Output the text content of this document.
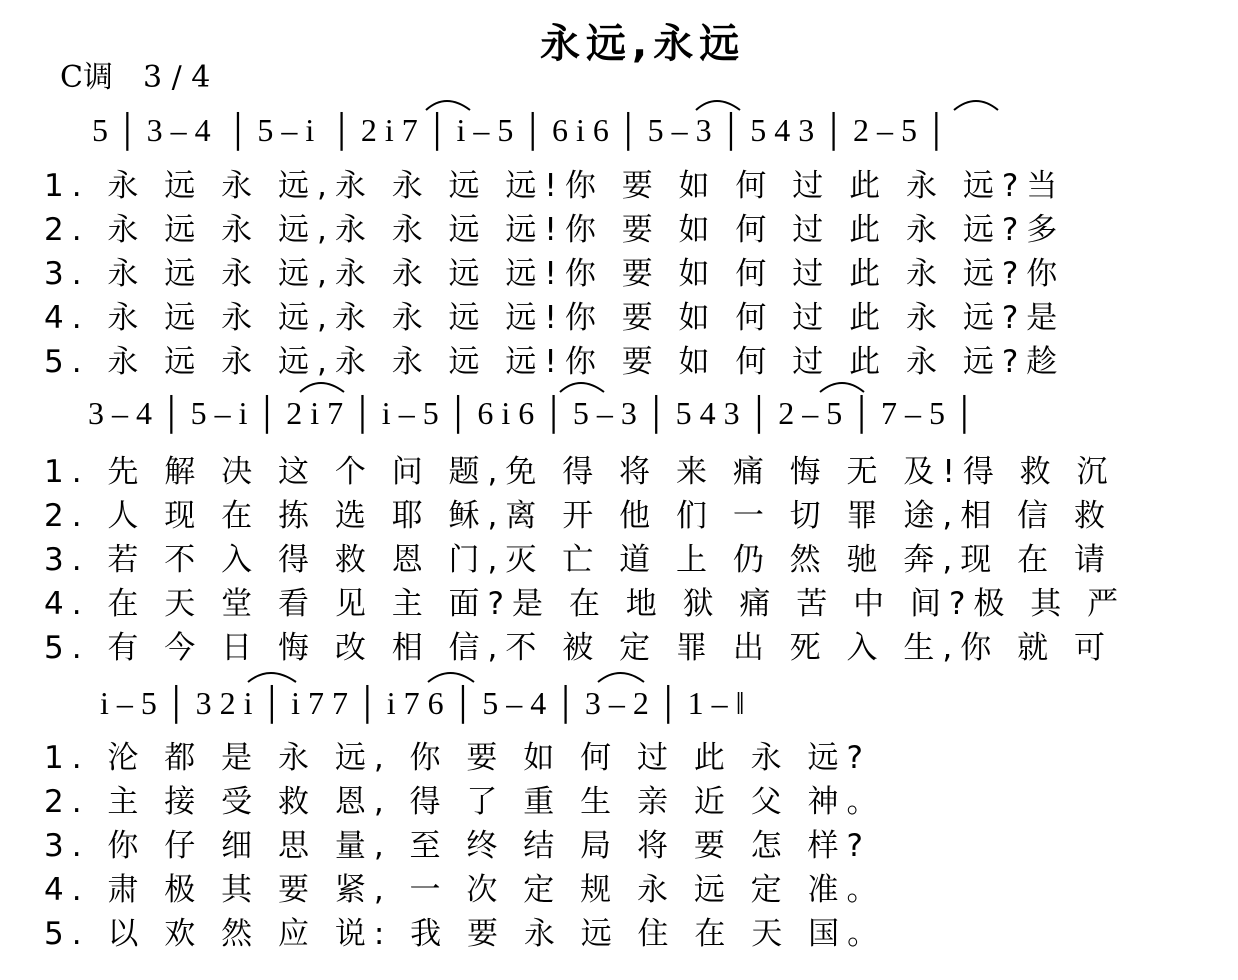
永远,永远
C调　3 / 4
5 │ 3 – 4  │ 5 – i  │ 2 i 7 │ i – 5 │ 6 i 6 │ 5 – 3 │ 5 4 3 │ 2 – 5 │
1. 永 远 永 远,永 永 远 远!你 要 如 何 过 此 永 远?当
2. 永 远 永 远,永 永 远 远!你 要 如 何 过 此 永 远?多
3. 永 远 永 远,永 永 远 远!你 要 如 何 过 此 永 远?你
4. 永 远 永 远,永 永 远 远!你 要 如 何 过 此 永 远?是
5. 永 远 永 远,永 永 远 远!你 要 如 何 过 此 永 远?趁
3 – 4 │ 5 – i │ 2 i 7 │ i – 5 │ 6 i 6 │ 5 – 3 │ 5 4 3 │ 2 – 5 │ 7 – 5 │
1. 先 解 决 这 个 问 题,免 得 将 来 痛 悔 无 及!得 救 沉
2. 人 现 在 拣 选 耶 稣,离 开 他 们 一 切 罪 途,相 信 救
3. 若 不 入 得 救 恩 门,灭 亡 道 上 仍 然 驰 奔,现 在 请
4. 在 天 堂 看 见 主 面?是 在 地 狱 痛 苦 中 间?极 其 严
5. 有 今 日 悔 改 相 信,不 被 定 罪 出 死 入 生,你 就 可
i – 5 │ 3 2 i │ i 7 7 │ i 7 6 │ 5 – 4 │ 3 – 2 │ 1 – ‖
1. 沦 都 是 永 远, 你 要 如 何 过 此 永 远?
2. 主 接 受 救 恩, 得 了 重 生 亲 近 父 神。
3. 你 仔 细 思 量, 至 终 结 局 将 要 怎 样?
4. 肃 极 其 要 紧, 一 次 定 规 永 远 定 准。
5. 以 欢 然 应 说: 我 要 永 远 住 在 天 国。
